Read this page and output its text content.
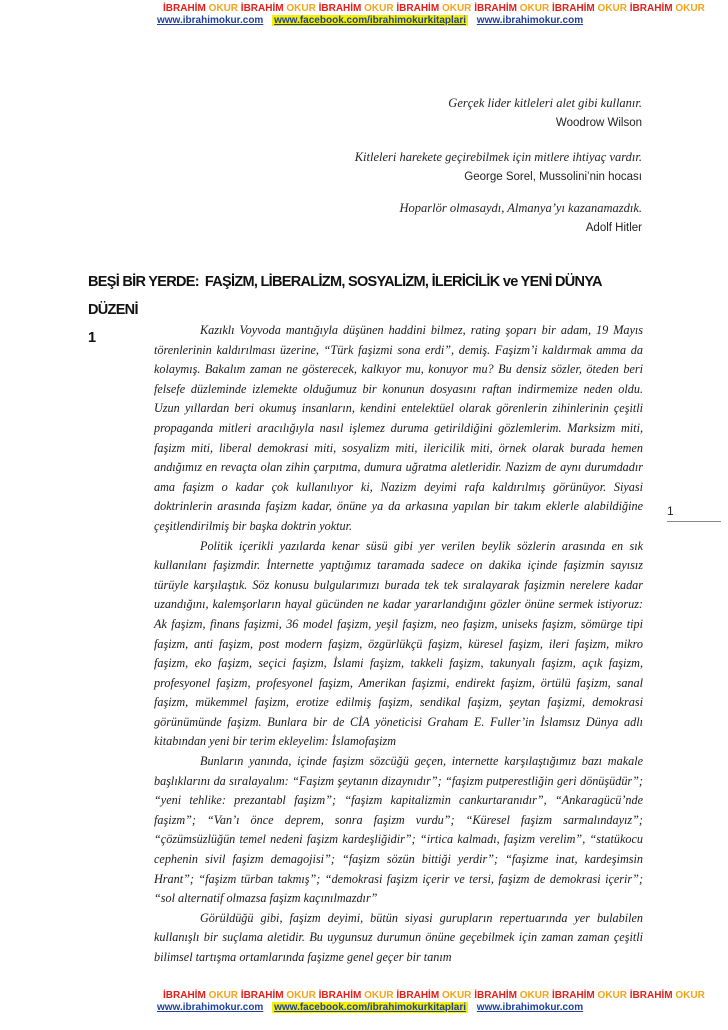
İBRAHİM OKUR İBRAHİM OKUR İBRAHİM OKUR İBRAHİM OKUR İBRAHİM OKUR İBRAHİM OKUR İBRAHİM OKUR
www.ibrahimokur.com www.facebook.com/ibrahimokurkitaplari www.ibrahimokur.com
Gerçek lider kitleleri alet gibi kullanır.
Woodrow Wilson
Kitleleri harekete geçirebilmek için mitlere ihtiyaç vardır.
George Sorel, Mussolini’nin hocası
Hoparlör olmasaydı, Almanya’yı kazanamazdık.
Adolf Hitler
BEŞİ BİR YERDE: FAŞİZM, LİBERALİZM, SOSYALİZM, İLERİCİLİK ve YENİ DÜNYA DÜZENİ
1	Kazıklı Voyvoda mantığıyla düşünen haddini bilmez, rating şoparı bir adam, 19 Mayıs törenlerinin kaldırılması üzerine, “Türk faşizmi sona erdi”, demiş. Faşizm’i kaldırmak amma da kolaymış. Bakalım zaman ne gösterecek, kalkıyor mu, konuyor mu? Bu densiz sözler, öteden beri felsefe düzleminde izlemekte olduğumuz bir konunun dosyasını raftan indirmemize neden oldu. Uzun yıllardan beri okumuş insanların, kendini entelektüel olarak görenlerin zihinlerinin çeşitli propaganda mitleri aracılığıyla nasıl işlemez duruma getirildiğini gözlemlerim. Marksizm miti, faşizm miti, liberal demokrasi miti, sosyalizm miti, ilericilik miti, örnek olarak burada hemen andığımız en revaçta olan zihin çarpıtma, dumura uğratma aletleridir. Nazizm de aynı durumdadır ama faşizm o kadar çok kullanılıyor ki, Nazizm deyimi rafa kaldırılmış görünüyor. Siyasi doktrinlerin arasında faşizm kadar, önüne ya da arkasına yapılan bir takım eklerle alabildiğine çeşitlendirilmiş bir başka doktrin yoktur.

Politik içerikli yazılarda kenar süsü gibi yer verilen beylik sözlerin arasında en sık kullanılanı faşizmdir. İnternette yaptığımız taramada sadece on dakika içinde faşizmin sayısız türüyle karşılaştık. Söz konusu bulgularımızı burada tek tek sıralayarak faşizmin nerelere kadar uzandığını, kalemşorların hayal gücünden ne kadar yararlandığını gözler önüne sermek istiyoruz: Ak faşizm, finans faşizmi, 36 model faşizm, yeşil faşizm, neo faşizm, uniseks faşizm, sömürge tipi faşizm, anti faşizm, post modern faşizm, özgürlükçü faşizm, küresel faşizm, ileri faşizm, mikro faşizm, eko faşizm, seçici faşizm, İslami faşizm, takkeli faşizm, takunyalı faşizm, açık faşizm, profesyonel faşizm, profesyonel faşizm, Amerikan faşizmi, endirekt faşizm, örtülü faşizm, sanal faşizm, mükemmel faşizm, erotize edilmiş faşizm, sendikal faşizm, şeytan faşizmi, demokrasi görünümünde faşizm. Bunlara bir de CİA yöneticisi Graham E. Fuller’in İslamsız Dünya adlı kitabından yeni bir terim ekleyelim: İslamofaşizm

Bunların yanında, içinde faşizm sözcüğü geçen, internette karşılaştığımız bazı makale başlıklarını da sıralayalım: “Faşizm şeytanın dizaynıdır”; “faşizm putperestliğin geri dönüşüdür”; “yeni tehlike: prezantabl faşizm”; “faşizm kapitalizmin cankurtaranıdır”, “Ankaragücü’nde faşizm”; “Van’ı önce deprem, sonra faşizm vurdu”; “Küresel faşizm sarmalındayız”; “çözümsüzlüğün temel nedeni faşizm kardeşliğidir”; “irtica kalmadı, faşizm verelim”, “statükocu cephenin sivil faşizm demagojisi”; “faşizm sözün bittiği yerdir”; “faşizme inat, kardeşimsin Hrant”; “faşizm türban takmış”; “demokrasi faşizm içerir ve tersi, faşizm de demokrasi içerir”; “sol alternatif olmazsa faşizm kaçınılmazdır”

Görüldüğü gibi, faşizm deyimi, bütün siyasi gurupların repertuarında yer bulabilen kullanışlı bir suçlama aletidir. Bu uygunsuz durumun önüne geçebilmek için zaman zaman çeşitli bilimsel tartışma ortamlarında faşizme genel geçer bir tanım

1
İBRAHİM OKUR İBRAHİM OKUR İBRAHİM OKUR İBRAHİM OKUR İBRAHİM OKUR İBRAHİM OKUR İBRAHİM OKUR
www.ibrahimokur.com www.facebook.com/ibrahimokurkitaplari www.ibrahimokur.com
